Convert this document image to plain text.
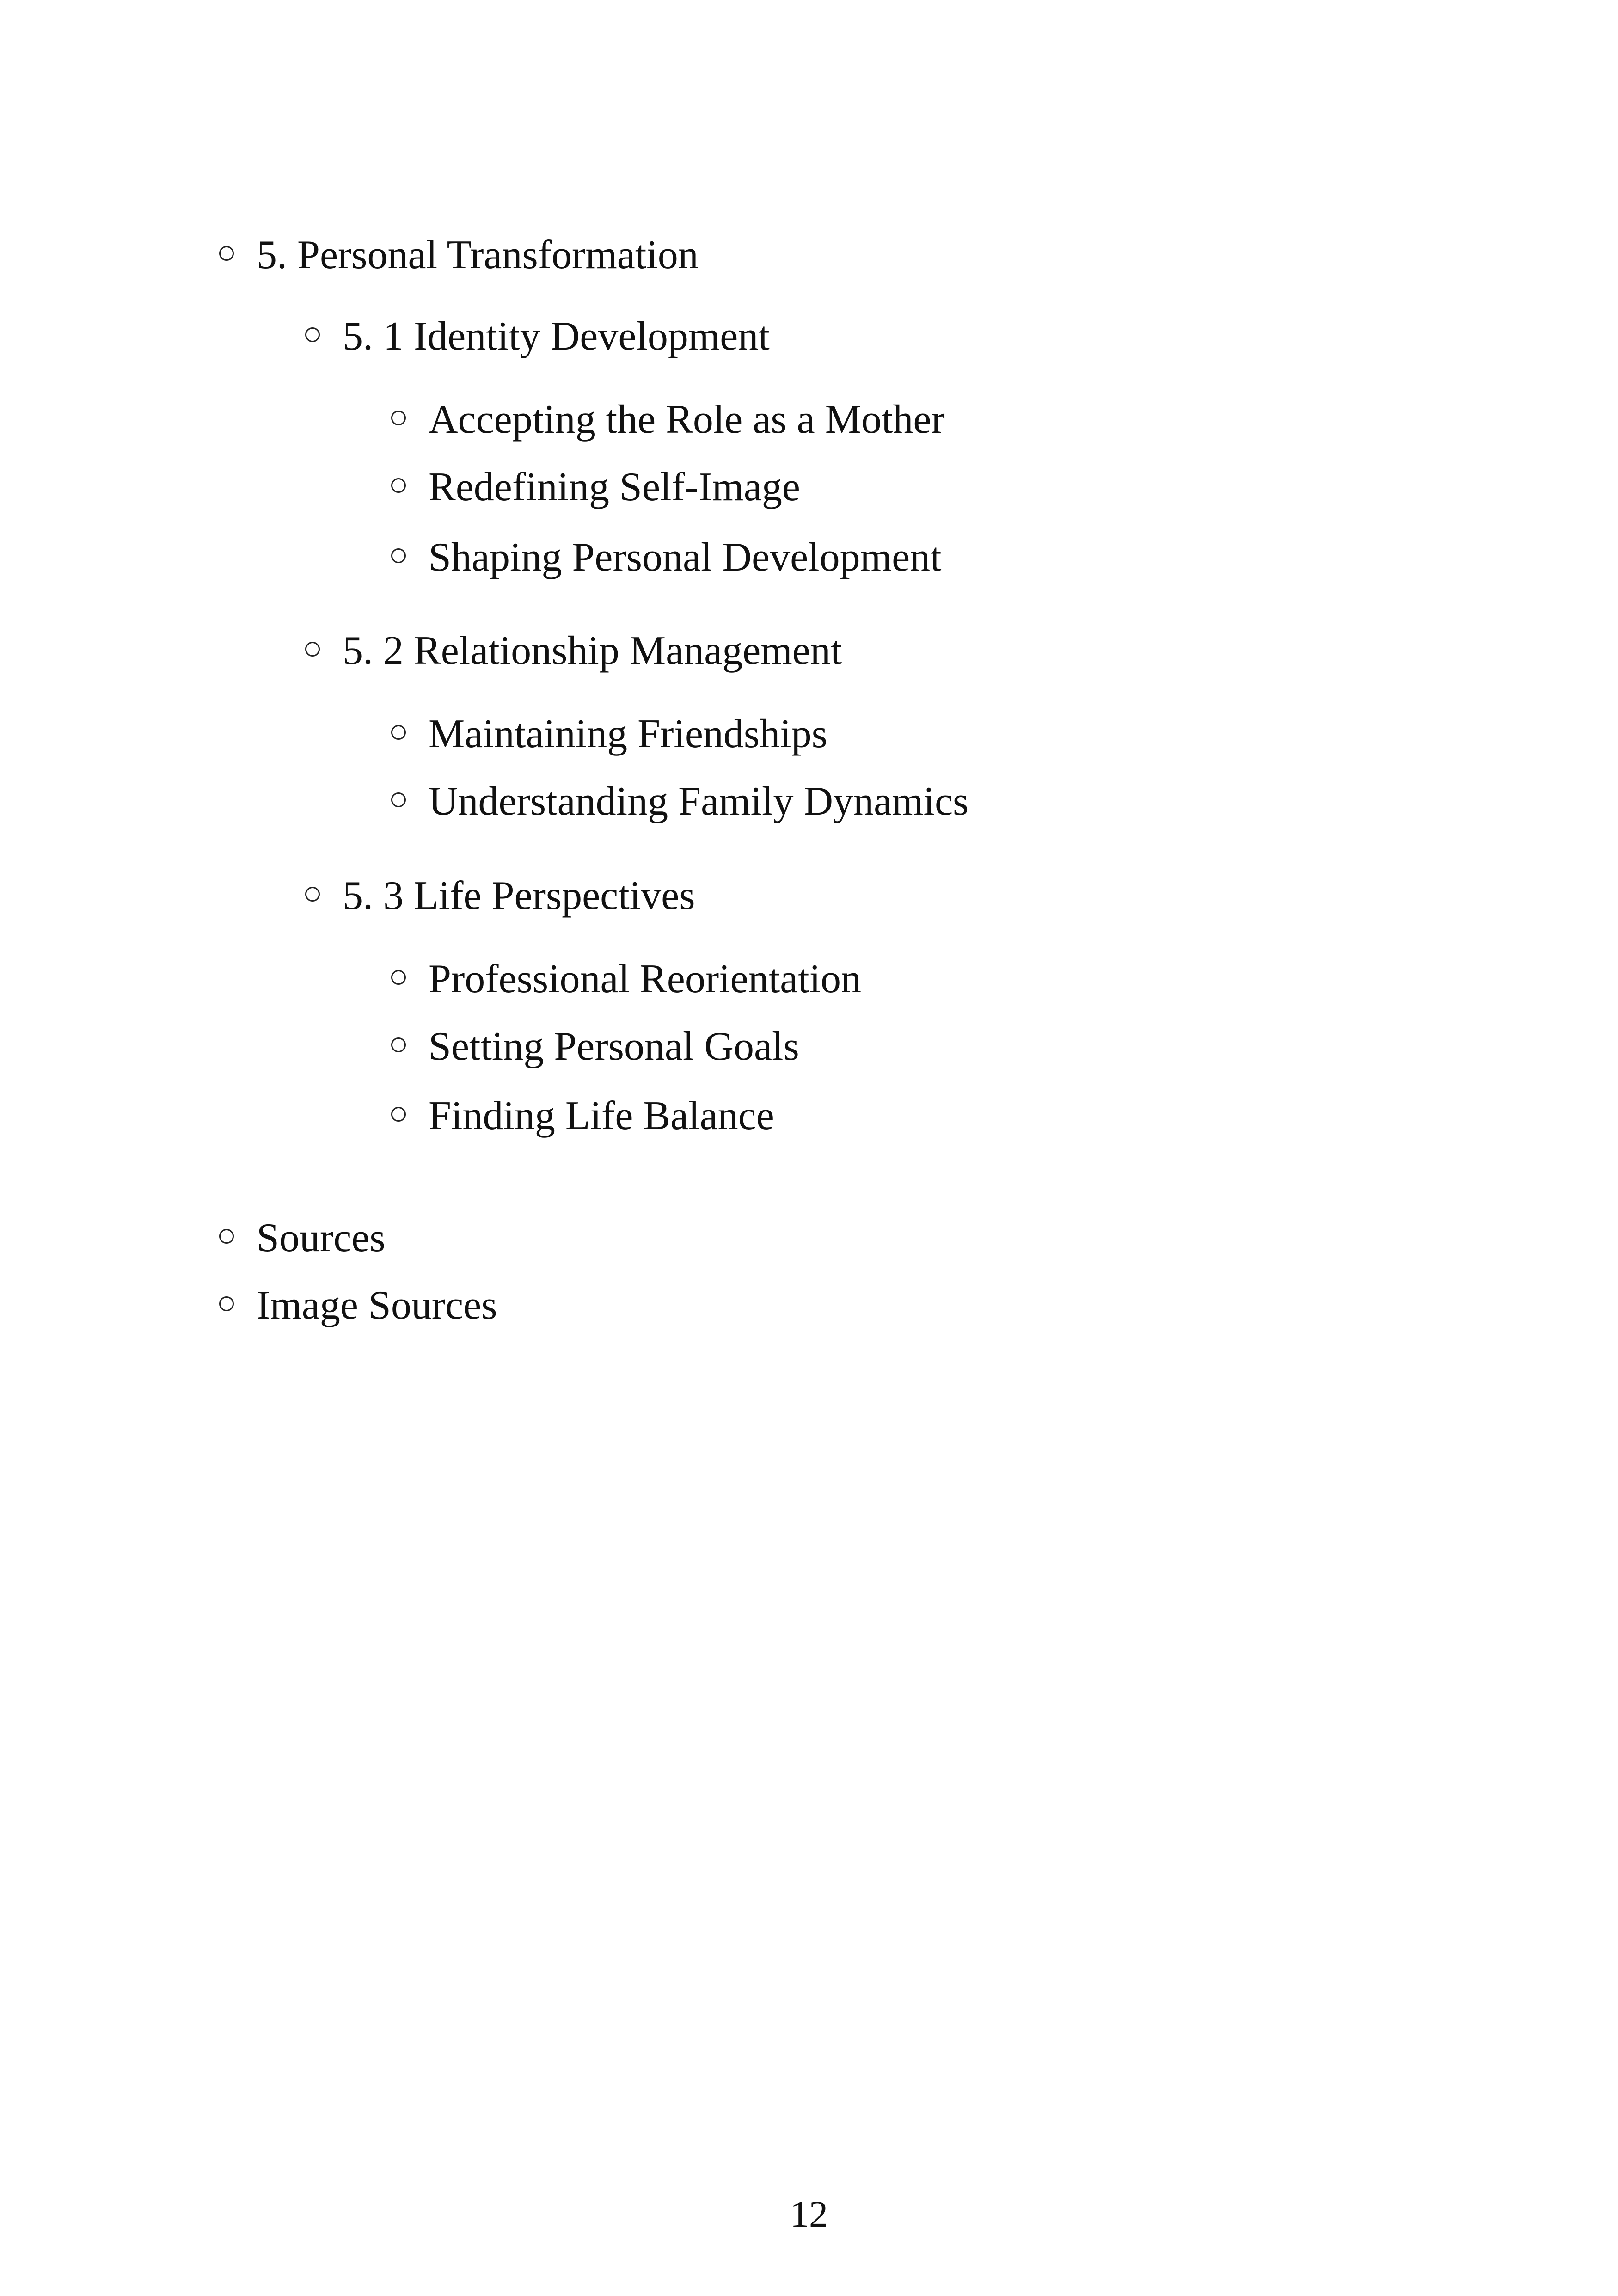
5. Personal Transformation
5. 1 Identity Development
Accepting the Role as a Mother
Redefining Self-Image
Shaping Personal Development
5. 2 Relationship Management
Maintaining Friendships
Understanding Family Dynamics
5. 3 Life Perspectives
Professional Reorientation
Setting Personal Goals
Finding Life Balance
Sources
Image Sources
12
